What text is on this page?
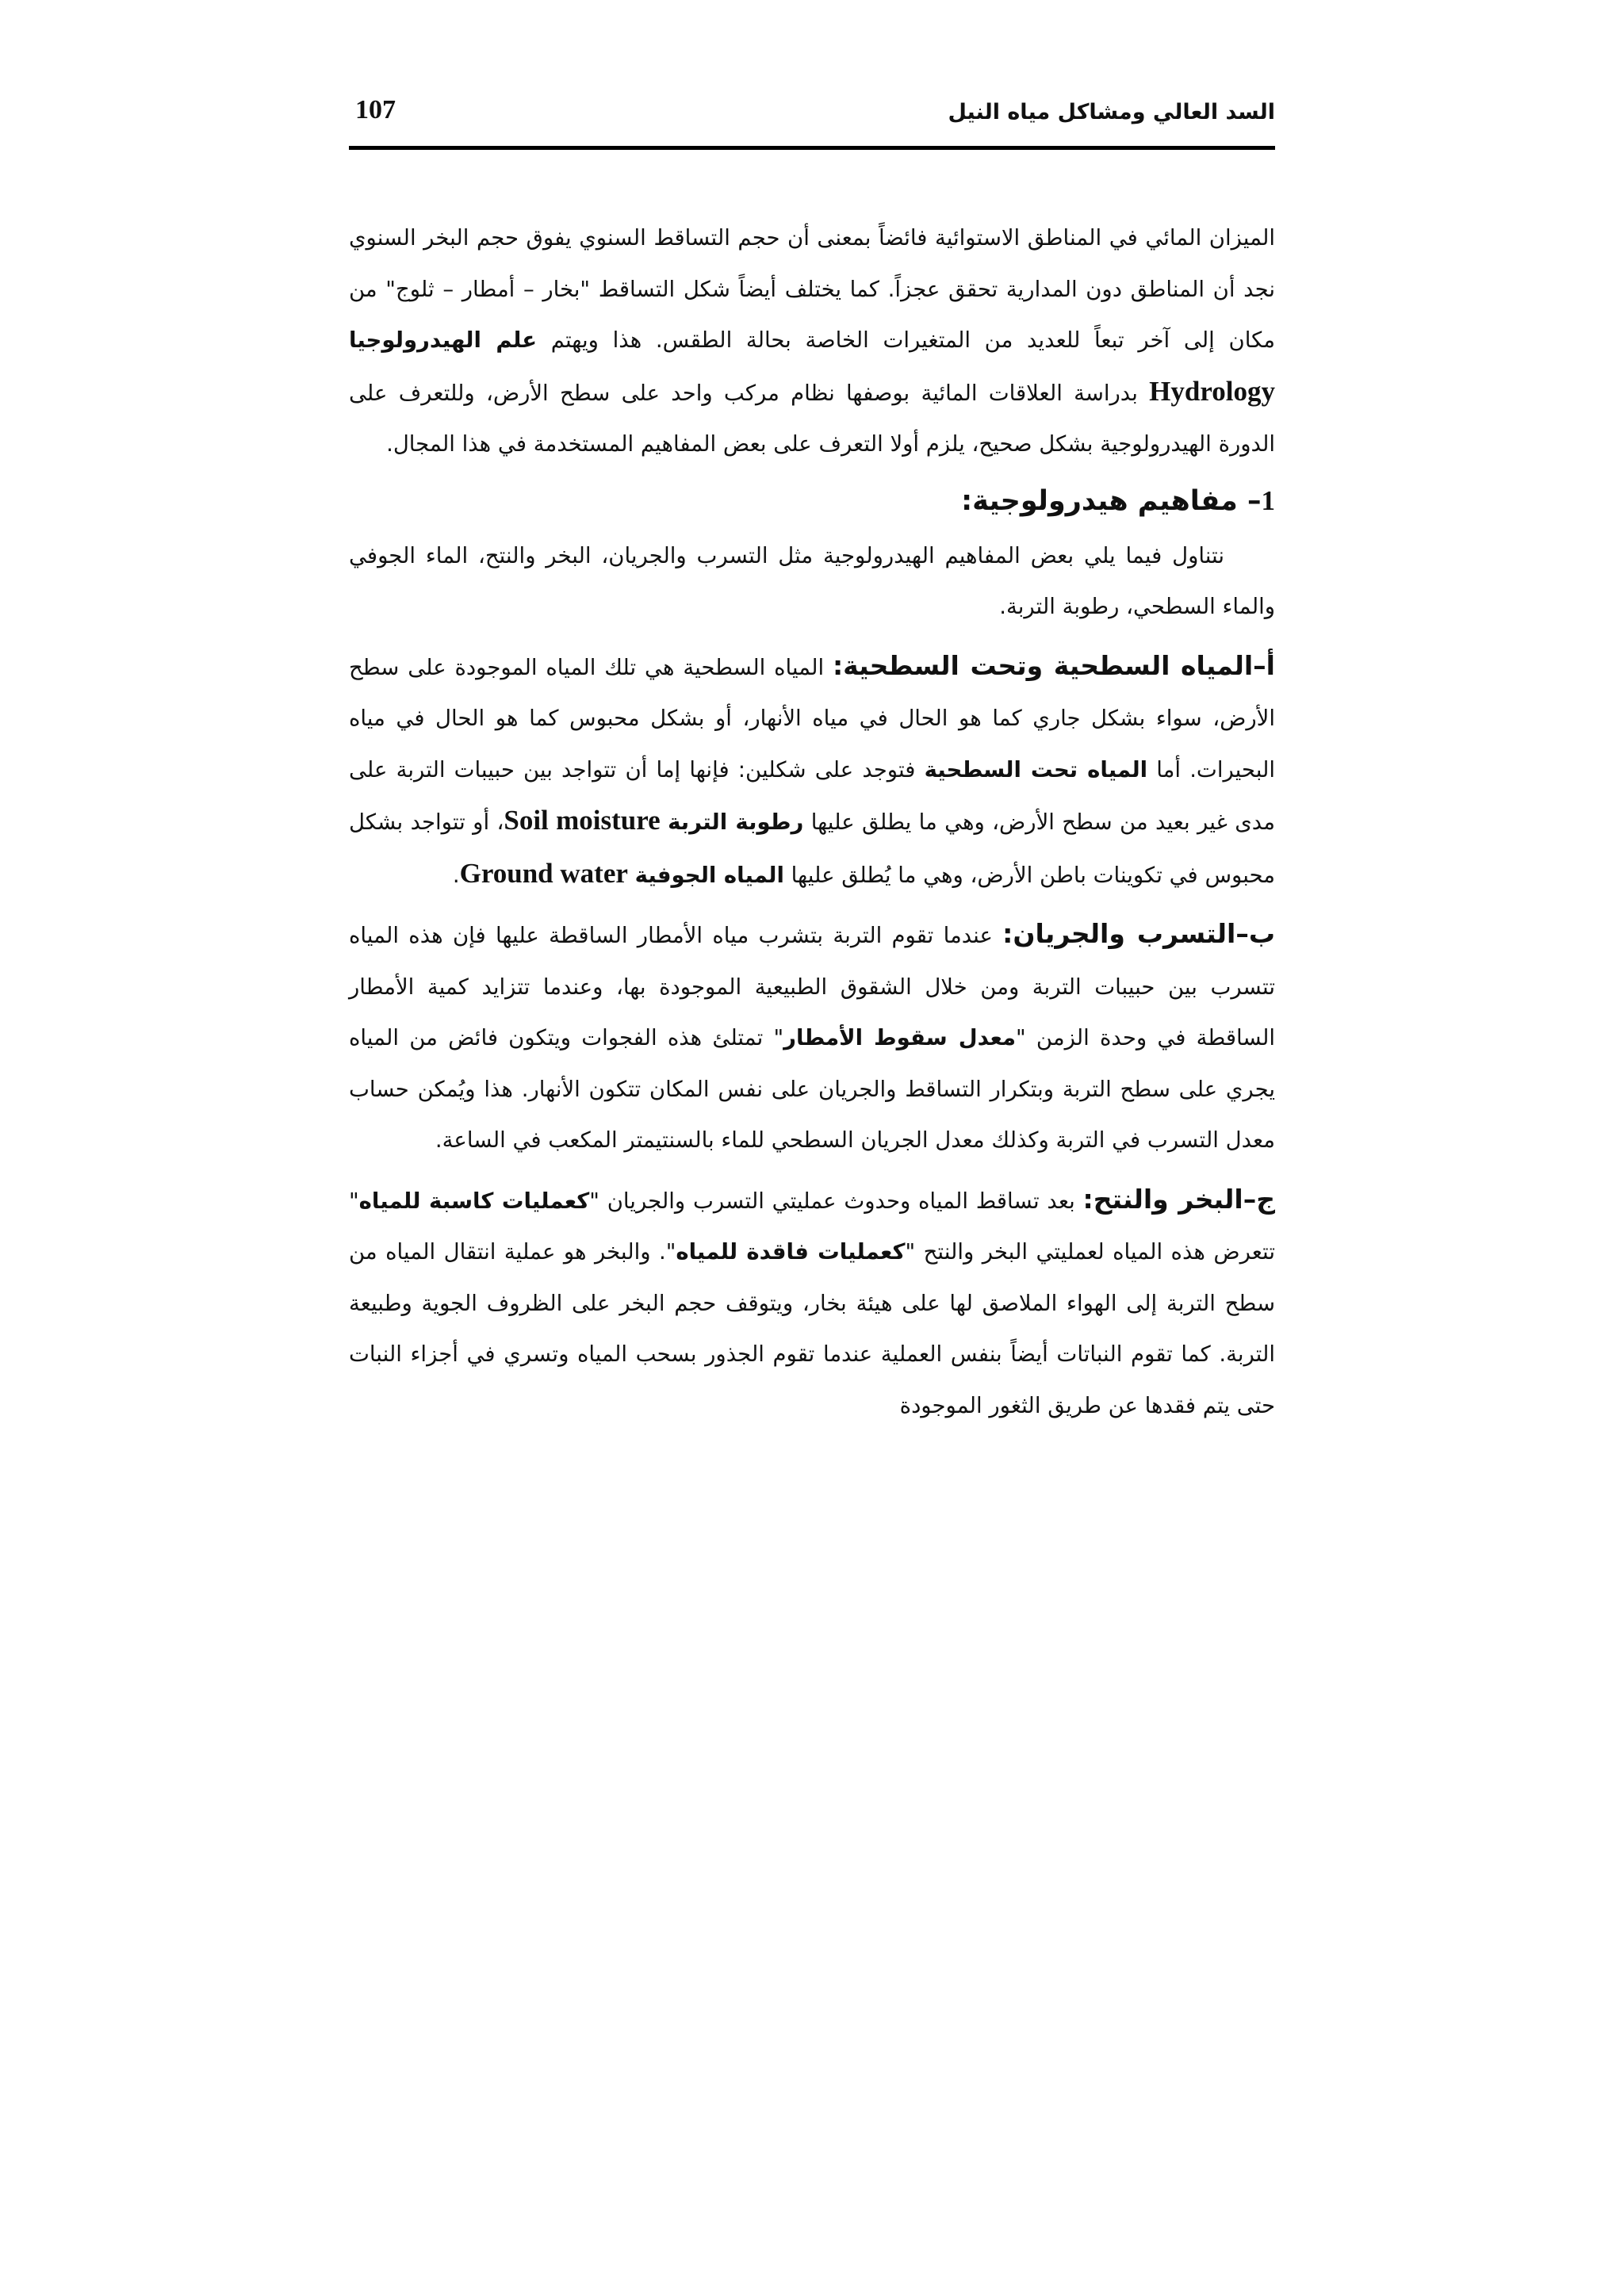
107	السد العالي ومشاكل مياه النيل

الميزان المائي في المناطق الاستوائية فائضاً بمعنى أن حجم التساقط السنوي يفوق حجم البخر السنوي نجد أن المناطق دون المدارية تحقق عجزاً. كما يختلف أيضاً شكل التساقط "بخار – أمطار – ثلوج" من مكان إلى آخر تبعاً للعديد من المتغيرات الخاصة بحالة الطقس. هذا ويهتم علم الهيدرولوجيا Hydrology بدراسة العلاقات المائية بوصفها نظام مركب واحد على سطح الأرض، وللتعرف على الدورة الهيدرولوجية بشكل صحيح، يلزم أولا التعرف على بعض المفاهيم المستخدمة في هذا المجال.

1– مفاهيم هيدرولوجية:

نتناول فيما يلي بعض المفاهيم الهيدرولوجية مثل التسرب والجريان، البخر والنتح، الماء الجوفي والماء السطحي، رطوبة التربة.

أ–المياه السطحية وتحت السطحية: المياه السطحية هي تلك المياه الموجودة على سطح الأرض، سواء بشكل جاري كما هو الحال في مياه الأنهار، أو بشكل محبوس كما هو الحال في مياه البحيرات. أما المياه تحت السطحية فتوجد على شكلين: فإنها إما أن تتواجد بين حبيبات التربة على مدى غير بعيد من سطح الأرض، وهي ما يطلق عليها رطوبة التربة Soil moisture، أو تتواجد بشكل محبوس في تكوينات باطن الأرض، وهي ما يُطلق عليها المياه الجوفية Ground water.

ب–التسرب والجريان: عندما تقوم التربة بتشرب مياه الأمطار الساقطة عليها فإن هذه المياه تتسرب بين حبيبات التربة ومن خلال الشقوق الطبيعية الموجودة بها، وعندما تتزايد كمية الأمطار الساقطة في وحدة الزمن "معدل سقوط الأمطار" تمتلئ هذه الفجوات ويتكون فائض من المياه يجري على سطح التربة وبتكرار التساقط والجريان على نفس المكان تتكون الأنهار. هذا ويُمكن حساب معدل التسرب في التربة وكذلك معدل الجريان السطحي للماء بالسنتيمتر المكعب في الساعة.

ج–البخر والنتح: بعد تساقط المياه وحدوث عمليتي التسرب والجريان "كعمليات كاسبة للمياه" تتعرض هذه المياه لعمليتي البخر والنتح "كعمليات فاقدة للمياه". والبخر هو عملية انتقال المياه من سطح التربة إلى الهواء الملاصق لها على هيئة بخار، ويتوقف حجم البخر على الظروف الجوية وطبيعة التربة. كما تقوم النباتات أيضاً بنفس العملية عندما تقوم الجذور بسحب المياه وتسري في أجزاء النبات حتى يتم فقدها عن طريق الثغور الموجودة
